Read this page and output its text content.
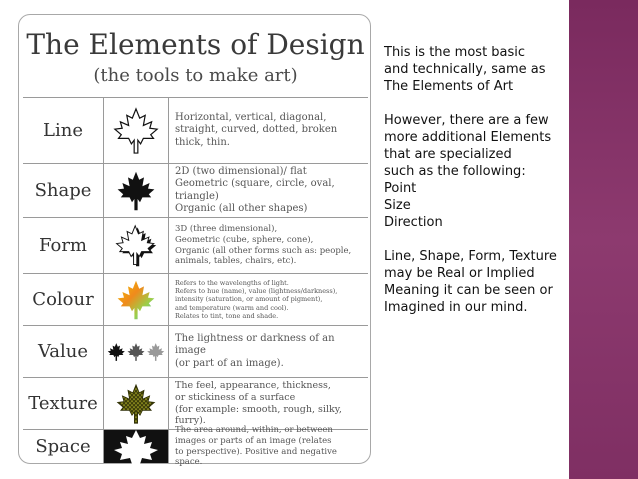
The Elements of Design
(the tools to make art)
Line
Horizontal, vertical, diagonal,
straight, curved, dotted, broken
thick, thin.
Shape
2D (two dimensional)/ flat
Geometric (square, circle, oval, triangle)
Organic (all other shapes)
Form
3D (three dimensional),
Geometric (cube, sphere, cone),
Organic (all other forms such as: people,
animals, tables, chairs, etc).
Colour
Refers to the wavelengths of light.
Refers to hue (name), value (lightness/darkness),
intensity (saturation, or amount of pigment),
and temperature (warm and cool).
Relates to tint, tone and shade.
Value
The lightness or darkness of an image
(or part of an image).
Texture
The feel, appearance, thickness,
or stickiness of a surface
(for example: smooth, rough, silky, furry).
Space
The area around, within, or between
images or parts of an image (relates
to perspective). Positive and negative space.

This is the most basic
and technically, same as
The Elements of Art

However, there are a few
more additional Elements
that are specialized
such as the following:
Point
Size
Direction

Line, Shape, Form, Texture
may be Real or Implied
Meaning it can be seen or
Imagined in our mind.
